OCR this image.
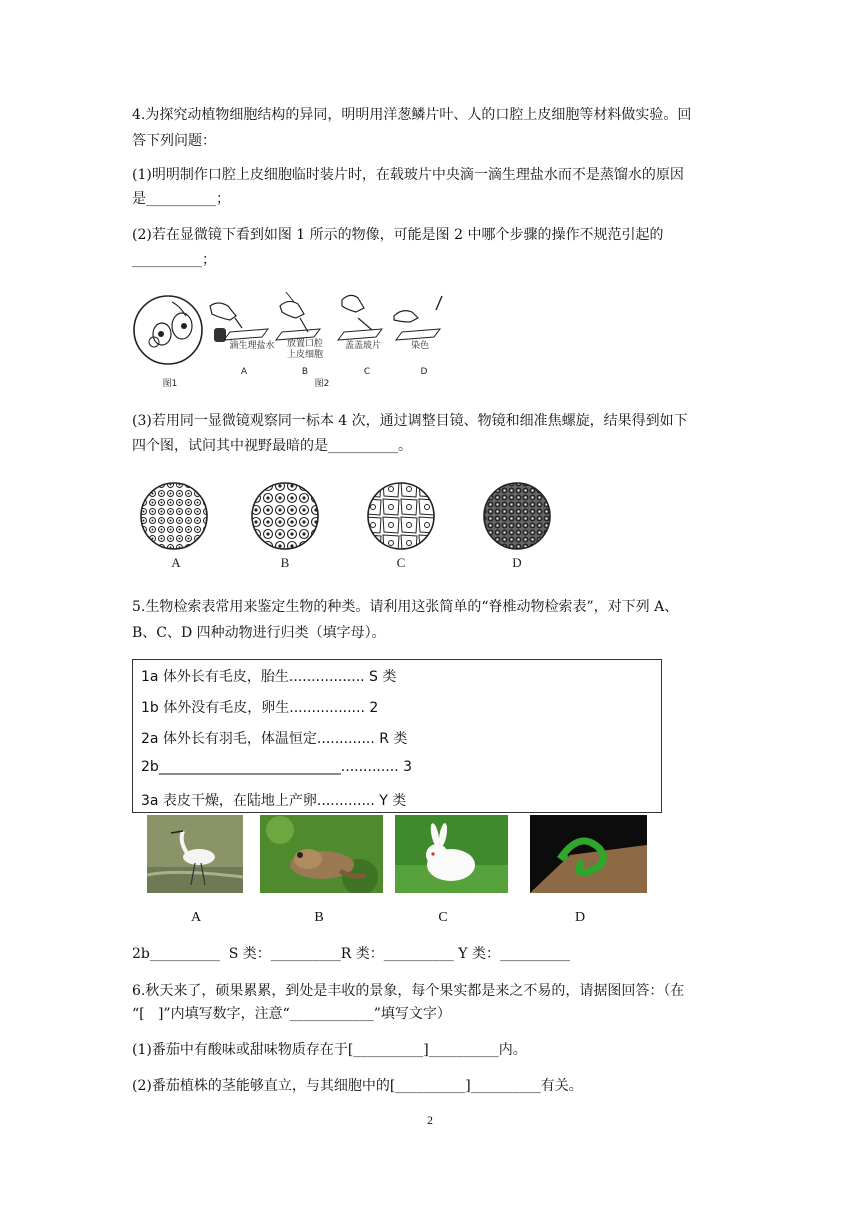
4.为探究动植物细胞结构的异同，明明用洋葱鳞片叶、人的口腔上皮细胞等材料做实验。回
答下列问题：
(1)明明制作口腔上皮细胞临时装片时，在载玻片中央滴一滴生理盐水而不是蒸馏水的原因
是__________；
(2)若在显微镜下看到如图 1 所示的物像，可能是图 2 中哪个步骤的操作不规范引起的
__________；
滴生理盐水 放置口腔
上皮细胞
盖盖玻片	染色
A	B	C	D
图1	图2
(3)若用同一显微镜观察同一标本 4 次，通过调整目镜、物镜和细准焦螺旋，结果得到如下
四个图，试问其中视野最暗的是__________。
A	B	C	D
5.生物检索表常用来鉴定生物的种类。请利用这张简单的“脊椎动物检索表”，对下列 A、
B、C、D 四种动物进行归类（填字母）。
1a 体外长有毛皮，胎生................. S 类
1b 体外没有毛皮，卵生................. 2
2a 体外长有羽毛，体温恒定............. R 类
2b__________________________............. 3
3a 表皮干燥，在陆地上产卵............. Y 类
A	B	C	D
2b__________  S 类：__________R 类：__________ Y 类：__________
6.秋天来了，硕果累累，到处是丰收的景象，每个果实都是来之不易的，请据图回答：（在
“[   ]”内填写数字，注意“____________”填写文字）
(1)番茄中有酸味或甜味物质存在于[__________]__________内。
(2)番茄植株的茎能够直立，与其细胞中的[__________]__________有关。
2
